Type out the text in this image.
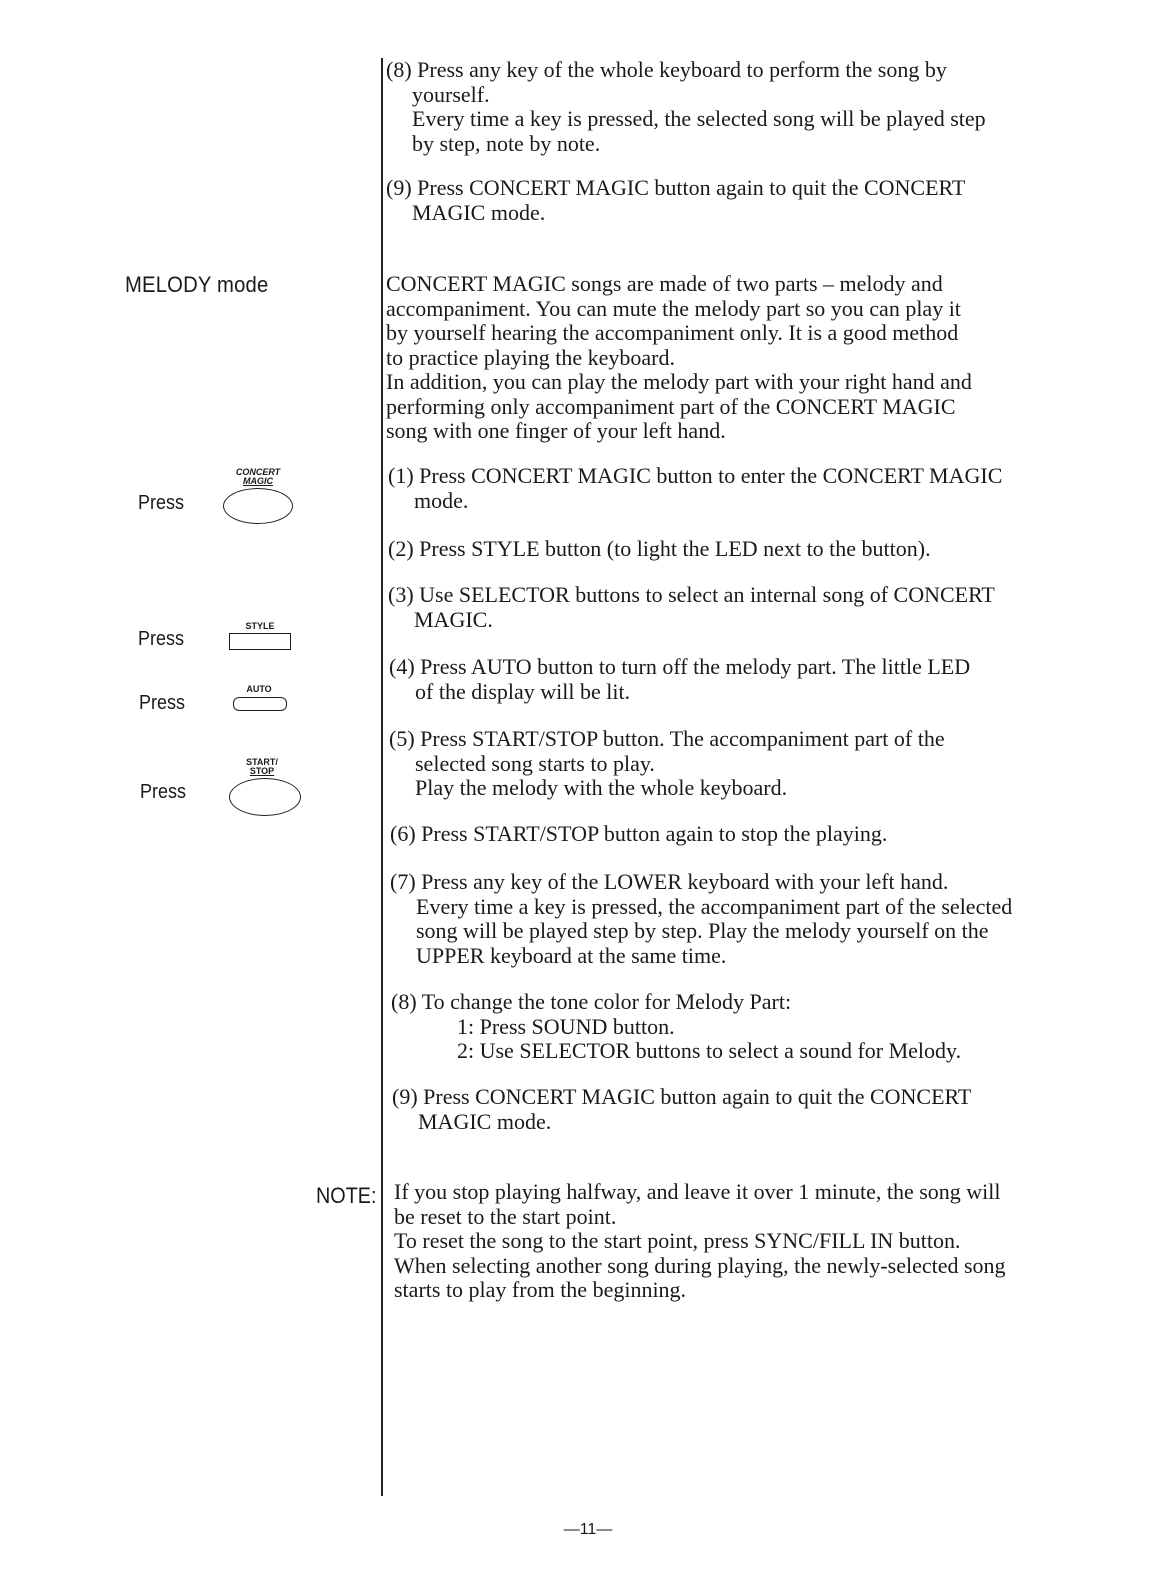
(8) Press any key of the whole keyboard to perform the song by
yourself.
Every time a key is pressed, the selected song will be played step
by step, note by note.
(9) Press CONCERT MAGIC button again to quit the CONCERT
MAGIC mode.
MELODY mode	CONCERT MAGIC songs are made of two parts – melody and
accompaniment. You can mute the melody part so you can play it
by yourself hearing the accompaniment only. It is a good method
to practice playing the keyboard.
In addition, you can play the melody part with your right hand and
performing only accompaniment part of the CONCERT MAGIC
song with one finger of your left hand.
(1) Press CONCERT MAGIC button to enter the CONCERT MAGIC
mode.
(2) Press STYLE button (to light the LED next to the button).
(3) Use SELECTOR buttons to select an internal song of CONCERT
MAGIC.
(4) Press AUTO button to turn off the melody part. The little LED
of the display will be lit.
(5) Press START/STOP button. The accompaniment part of the
selected song starts to play.
Play the melody with the whole keyboard.
(6) Press START/STOP button again to stop the playing.
(7) Press any key of the LOWER keyboard with your left hand.
Every time a key is pressed, the accompaniment part of the selected
song will be played step by step. Play the melody yourself on the
UPPER keyboard at the same time.
(8) To change the tone color for Melody Part:
1: Press SOUND button.
2: Use SELECTOR buttons to select a sound for Melody.
(9) Press CONCERT MAGIC button again to quit the CONCERT
MAGIC mode.
Press
CONCERT
MAGIC
Press
STYLE
Press
AUTO
Press
START/
STOP
NOTE: If you stop playing halfway, and leave it over 1 minute, the song will
be reset to the start point.
To reset the song to the start point, press SYNC/FILL IN button.
When selecting another song during playing, the newly-selected song
starts to play from the beginning.
—11—
